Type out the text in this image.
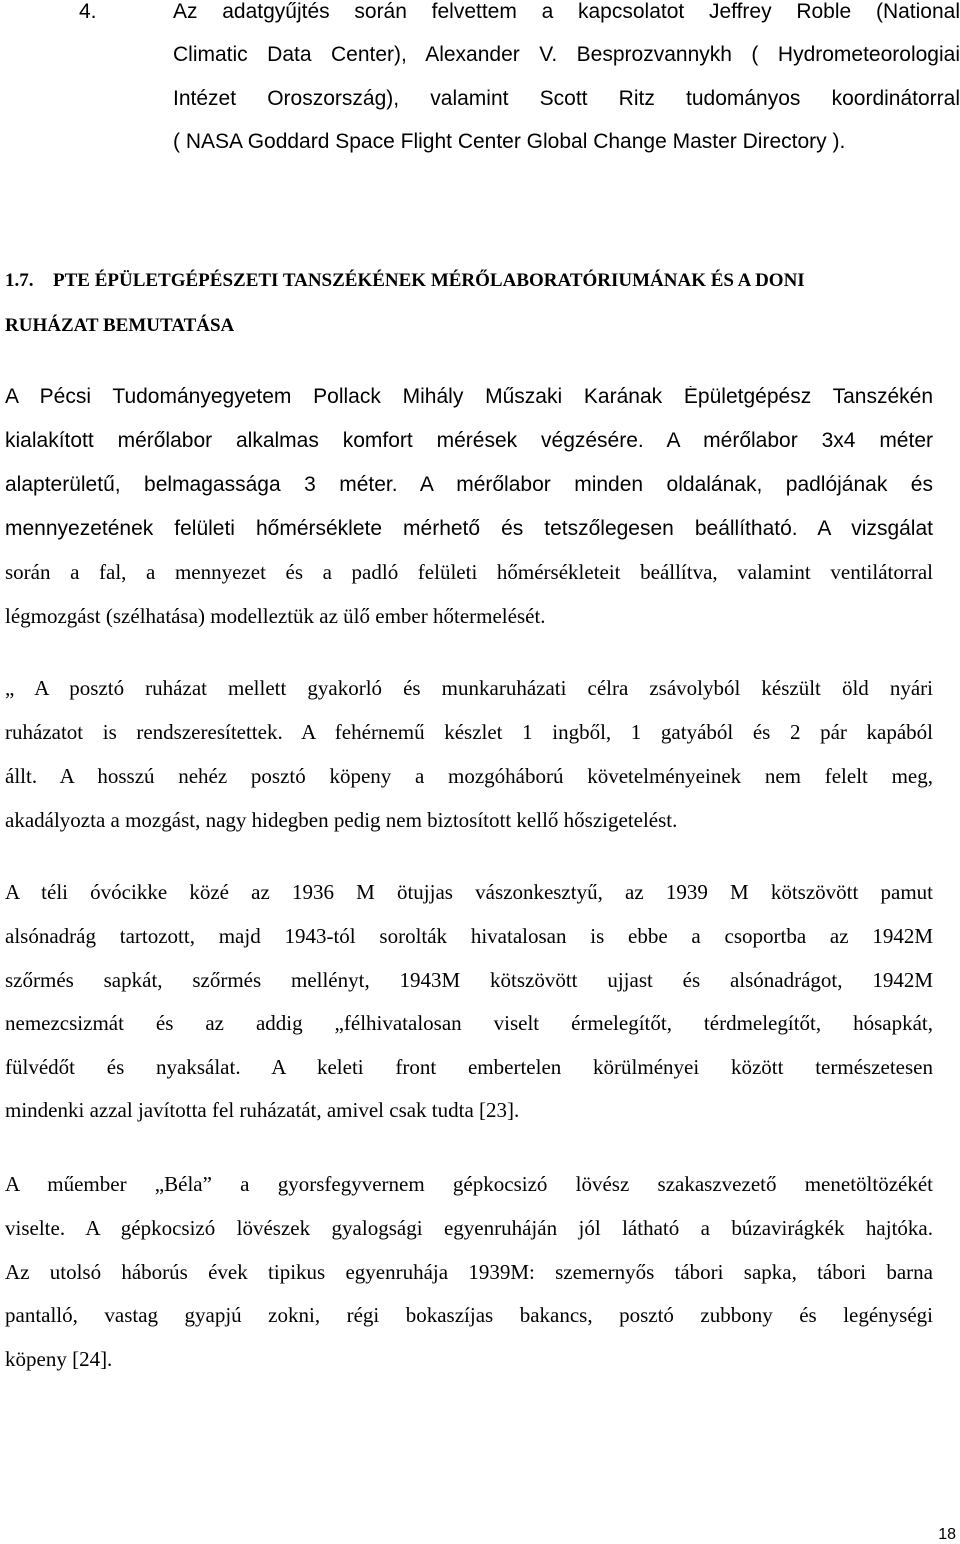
4.	Az adatgyűjtés során felvettem a kapcsolatot Jeffrey Roble (National
Climatic Data Center), Alexander V. Besprozvannykh ( Hydrometeorologiai
Intézet Oroszország), valamint Scott Ritz tudományos koordinátorral
( NASA Goddard Space Flight Center Global Change Master Directory ).
1.7. PTE ÉPÜLETGÉPÉSZETI TANSZÉKÉNEK MÉRŐLABORATÓRIUMÁNAK ÉS A DONI
RUHÁZAT BEMUTATÁSA
A Pécsi Tudományegyetem Pollack Mihály Műszaki Karának Épületgépész Tanszékén
kialakított mérőlabor alkalmas komfort mérések végzésére. A mérőlabor 3x4 méter
alapterületű, belmagassága 3 méter. A mérőlabor minden oldalának, padlójának és
mennyezetének felületi hőmérséklete mérhető és tetszőlegesen beállítható. A vizsgálat
során a fal, a mennyezet és a padló felületi hőmérsékleteit beállítva, valamint ventilátorral
légmozgást (szélhatása) modelleztük az ülő ember hőtermelését.
„ A posztó ruházat mellett gyakorló és munkaruházati célra zsávolyból készült öld nyári
ruházatot is rendszeresítettek. A fehérnemű készlet 1 ingből, 1 gatyából és 2 pár kapából
állt. A hosszú nehéz posztó köpeny a mozgóháború követelményeinek nem felelt meg,
akadályozta a mozgást, nagy hidegben pedig nem biztosított kellő hőszigetelést.
A téli óvócikke közé az 1936 M ötujjas vászonkesztyű, az 1939 M kötszövött pamut
alsónadrág tartozott, majd 1943-tól sorolták hivatalosan is ebbe a csoportba az 1942M
szőrmés sapkát, szőrmés mellényt, 1943M kötszövött ujjast és alsónadrágot, 1942M
nemezcsizmát és az addig „félhivatalosan viselt érmelegítőt, térdmelegítőt, hósapkát,
fülvédőt és nyaksálat. A keleti front embertelen körülményei között természetesen
mindenki azzal javította fel ruházatát, amivel csak tudta [23].
A műember „Béla” a gyorsfegyvernem gépkocsizó lövész szakaszvezető menetöltözékét
viselte. A gépkocsizó lövészek gyalogsági egyenruháján jól látható a búzavirágkék hajtóka.
Az utolsó háborús évek tipikus egyenruhája 1939M: szemernyős tábori sapka, tábori barna
pantalló, vastag gyapjú zokni, régi bokaszíjas bakancs, posztó zubbony és legénységi
köpeny [24].
18
